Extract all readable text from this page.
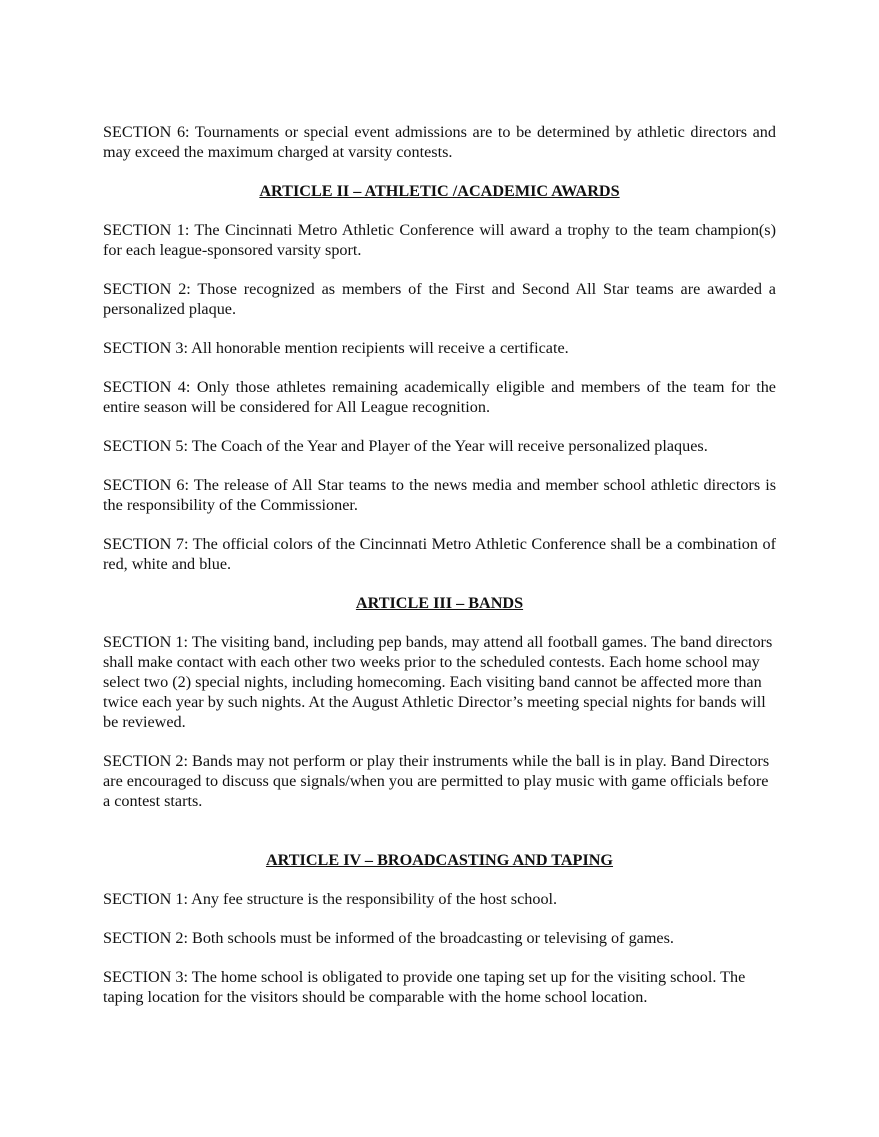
SECTION 6: Tournaments or special event admissions are to be determined by athletic directors and may exceed the maximum charged at varsity contests.

ARTICLE II – ATHLETIC /ACADEMIC AWARDS

SECTION 1: The Cincinnati Metro Athletic Conference will award a trophy to the team champion(s) for each league-sponsored varsity sport.

SECTION 2: Those recognized as members of the First and Second All Star teams are awarded a personalized plaque.

SECTION 3: All honorable mention recipients will receive a certificate.

SECTION 4: Only those athletes remaining academically eligible and members of the team for the entire season will be considered for All League recognition.

SECTION 5: The Coach of the Year and Player of the Year will receive personalized plaques.

SECTION 6: The release of All Star teams to the news media and member school athletic directors is the responsibility of the Commissioner.

SECTION 7: The official colors of the Cincinnati Metro Athletic Conference shall be a combination of red, white and blue.

ARTICLE III – BANDS

SECTION 1: The visiting band, including pep bands, may attend all football games. The band directors shall make contact with each other two weeks prior to the scheduled contests. Each home school may select two (2) special nights, including homecoming. Each visiting band cannot be affected more than twice each year by such nights. At the August Athletic Director’s meeting special nights for bands will be reviewed.

SECTION 2: Bands may not perform or play their instruments while the ball is in play. Band Directors are encouraged to discuss que signals/when you are permitted to play music with game officials before a contest starts.

ARTICLE IV – BROADCASTING AND TAPING

SECTION 1: Any fee structure is the responsibility of the host school.

SECTION 2: Both schools must be informed of the broadcasting or televising of games.

SECTION 3: The home school is obligated to provide one taping set up for the visiting school. The taping location for the visitors should be comparable with the home school location.
